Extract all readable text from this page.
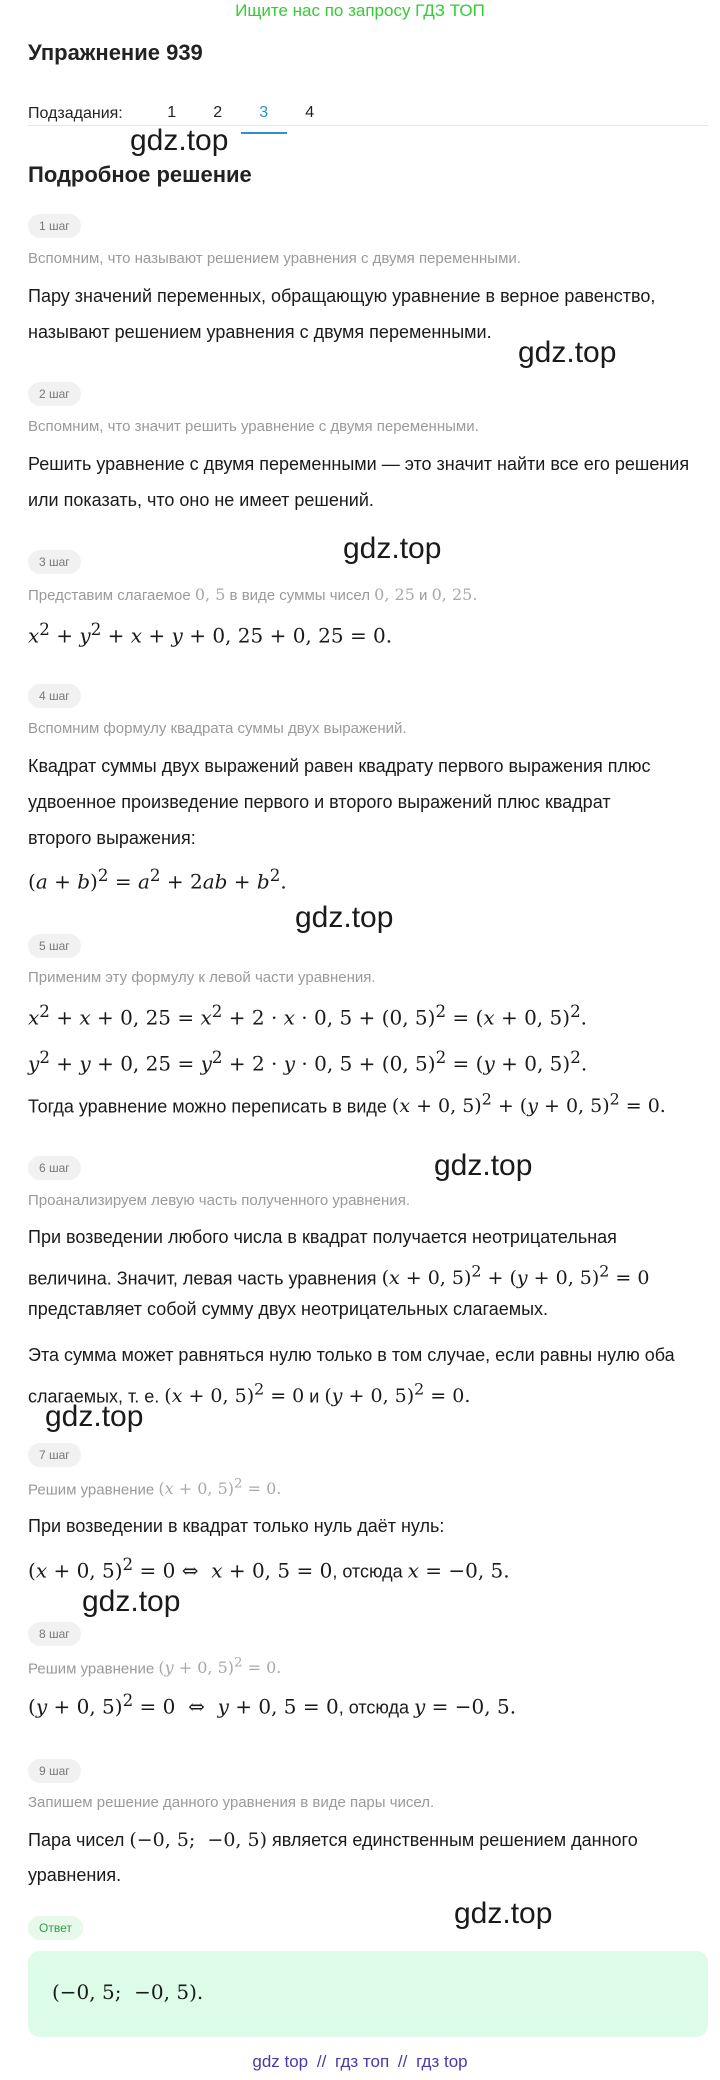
Ищите нас по запросу ГДЗ ТОП
Упражнение 939
Подзадания:	1	2	3	4
gdz.top
gdz.top
gdz.top
gdz.top
gdz.top
gdz.top
gdz.top
gdz.top
Подробное решение
1 шаг
Вспомним, что называют решением уравнения с двумя переменными.
Пару значений переменных, обращающую уравнение в верное равенство,
называют решением уравнения с двумя переменными.
2 шаг
Вспомним, что значит решить уравнение с двумя переменными.
Решить уравнение с двумя переменными — это значит найти все его решения
или показать, что оно не имеет решений.
3 шаг
Представим слагаемое 0, 5 в виде суммы чисел 0, 25 и 0, 25.
$x^2 + y^2 + x + y + 0$, 25 + 0, 25 = 0.
4 шаг
Вспомним формулу квадрата суммы двух выражений.
Квадрат суммы двух выражений равен квадрату первого выражения плюс
удвоенное произведение первого и второго выражений плюс квадрат
второго выражения:
$(a + b)^2 = a^2 + 2ab + b^2$.
5 шаг
Применим эту формулу к левой части уравнения.
$x^2 + x + 0$, $25 = x^2 + 2 \cdot x \cdot 0$, 5 + (0, 5)$^2$ = (x + 0, 5)$^2$.
$y^2 + y + 0$, $25 = y^2 + 2 \cdot y \cdot 0$, 5 + (0, 5)$^2$ = (y + 0, 5)$^2$.
Тогда уравнение можно переписать в виде (x + 0, 5)$^2$ + (y + 0, 5)$^2$ = 0.
6 шаг
Проанализируем левую часть полученного уравнения.
При возведении любого числа в квадрат получается неотрицательная
величина. Значит, левая часть уравнения (x + 0, 5)$^2$ + (y + 0, 5)$^2$ = 0
представляет собой сумму двух неотрицательных слагаемых.
Эта сумма может равняться нулю только в том случае, если равны нулю оба
слагаемых, т. е. (x + 0, 5)$^2$ = 0 и (y + 0, 5)$^2$ = 0.
7 шаг
Решим уравнение (x + 0, 5)$^2$ = 0.
При возведении в квадрат только нуль даёт нуль:
(x + 0, 5)$^2$ = 0 ⇔  x + 0, 5 = 0, отсюда x = −0, 5.
8 шаг
Решим уравнение (y + 0, 5)$^2$ = 0.
(y + 0, 5)$^2$ = 0  ⇔  y + 0, 5 = 0, отсюда y = −0, 5.
9 шаг
Запишем решение данного уравнения в виде пары чисел.
Пара чисел (−0, 5;  −0, 5) является единственным решением данного
уравнения.
Ответ
(−0, 5;  −0, 5).
gdz top // гдз топ // гдз top
